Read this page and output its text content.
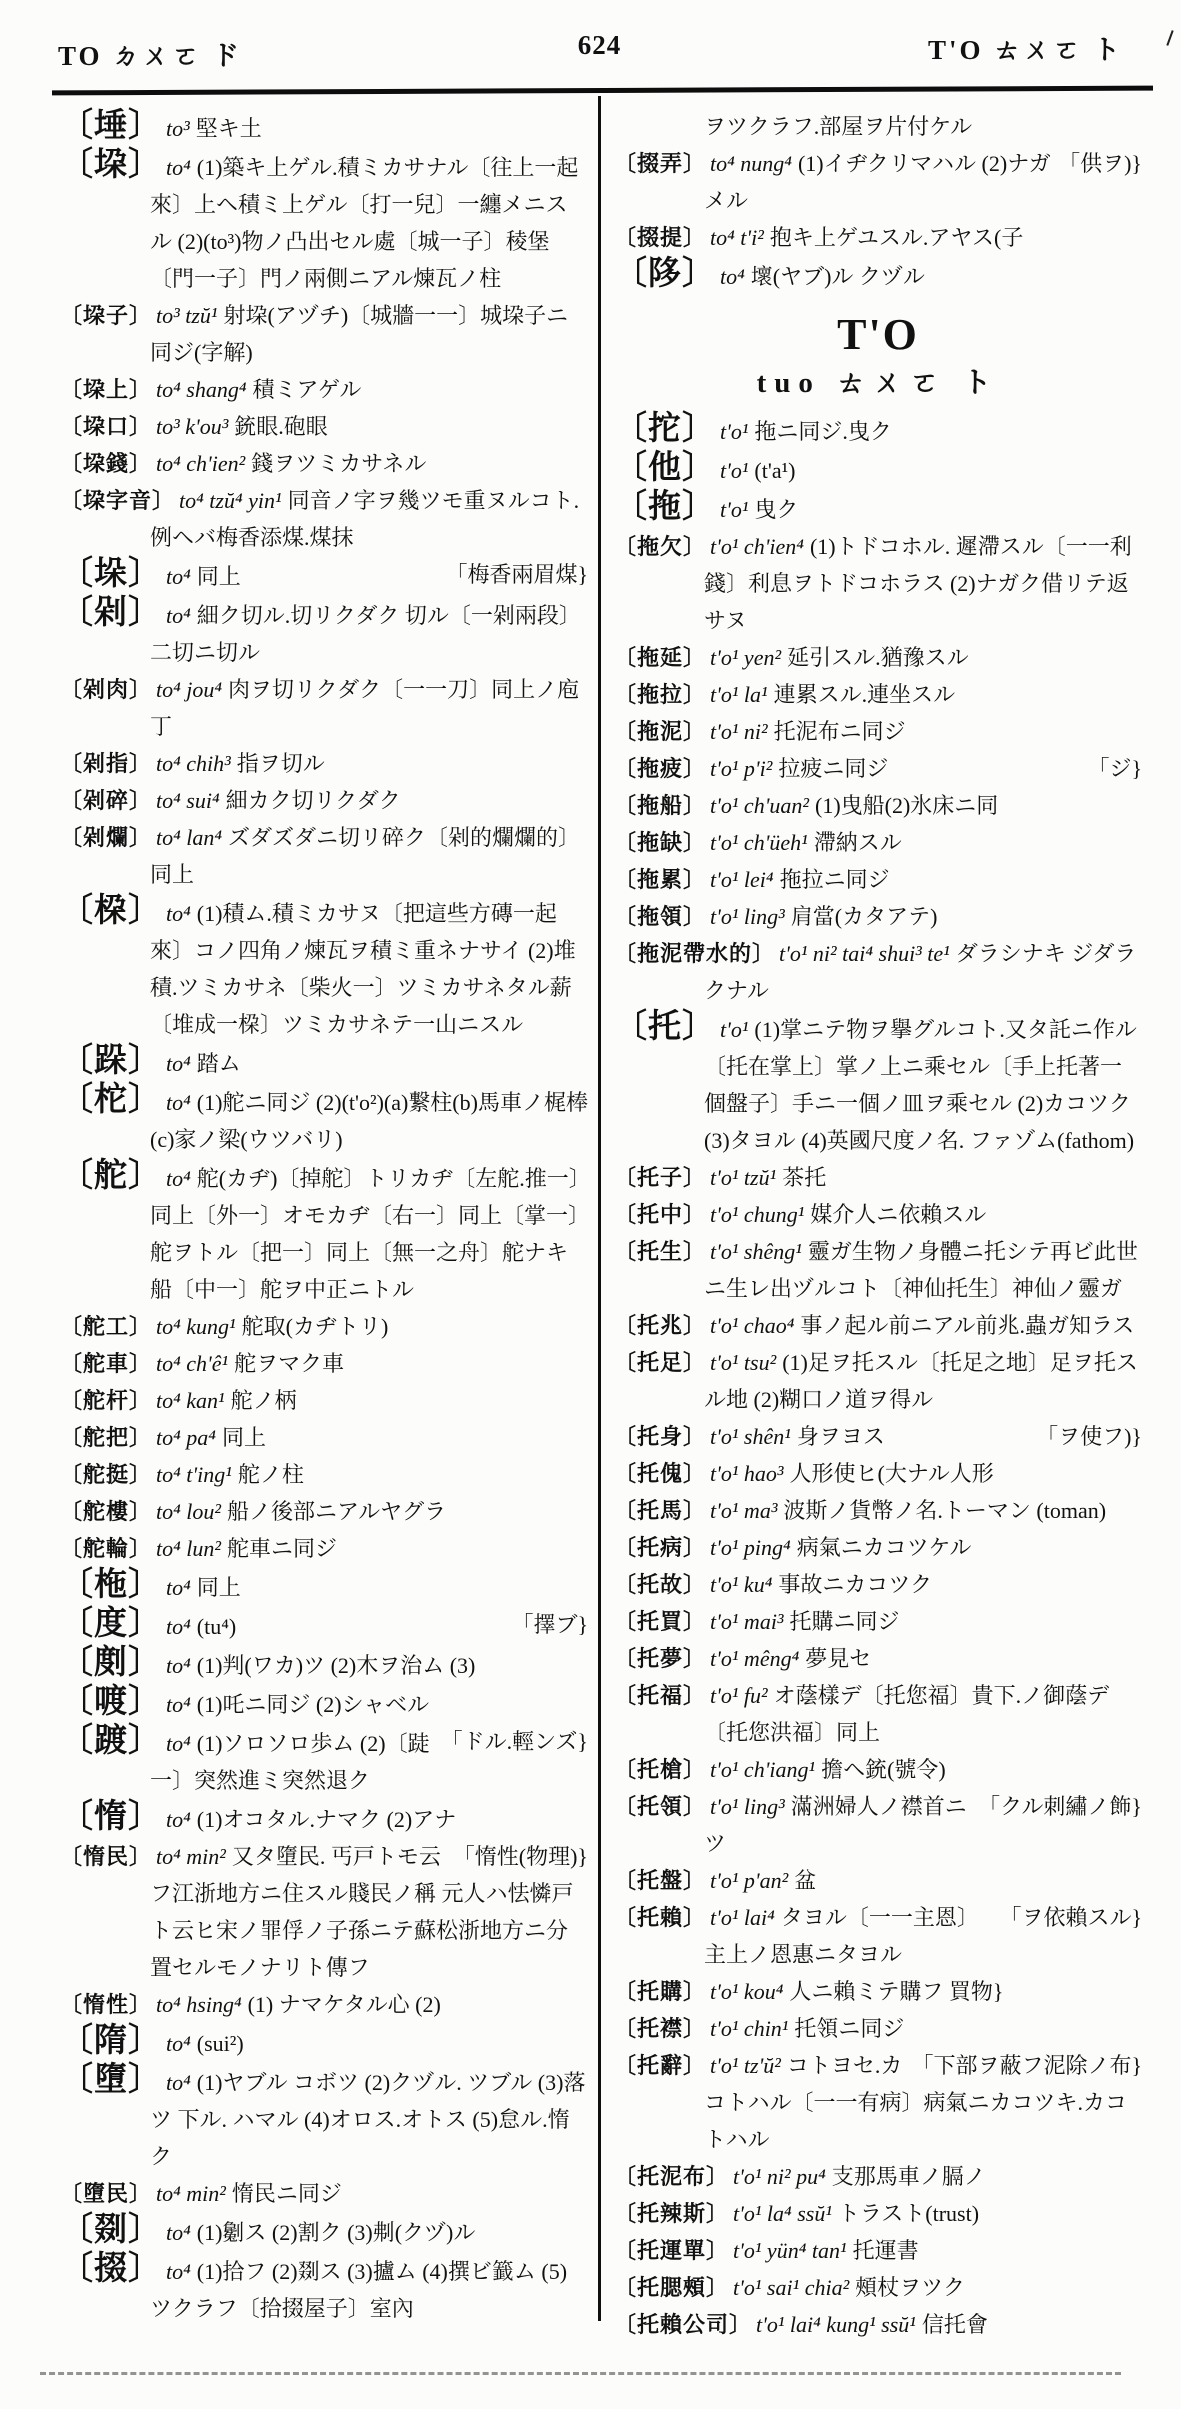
TO ㄉㄨㄛ ド	624	T'O ㄊㄨㄛ ト
〔埵〕 to³ 堅キ土
〔垜〕 to⁴ (1)築キ上ゲル.積ミカサナル〔往上一起來〕上ヘ積ミ上ゲル〔打一兒〕一纏メニスル (2)(to³)物ノ凸出セル處〔城一子〕稜堡〔門一子〕門ノ兩側ニアル煉瓦ノ柱
〔垜子〕 to³ tzŭ¹ 射垜(アヅチ)〔城牆一一〕城垜子ニ同ジ(字解)
〔垜上〕 to⁴ shang⁴ 積ミアゲル
〔垜口〕 to³ k'ou³ 銃眼.砲眼
〔垜錢〕 to⁴ ch'ien² 錢ヲツミカサネル
〔垜字音〕 to⁴ tzŭ⁴ yin¹ 同音ノ字ヲ幾ツモ重ヌルコト.例ヘバ梅香添煤.煤抹
「梅香兩眉煤}
〔垛〕 to⁴ 同上
〔剁〕 to⁴ 細ク切ル.切リクダク 切ル〔一剁兩段〕二切ニ切ル
〔剁肉〕 to⁴ jou⁴ 肉ヲ切リクダク〔一一刀〕同上ノ庖丁
〔剁指〕 to⁴ chih³ 指ヲ切ル
〔剁碎〕 to⁴ sui⁴ 細カク切リクダク
〔剁爛〕 to⁴ lan⁴ ズダズダニ切リ碎ク〔剁的爛爛的〕同上
〔桗〕 to⁴ (1)積ム.積ミカサヌ〔把這些方磚一起來〕コノ四角ノ煉瓦ヲ積ミ重ネナサイ (2)堆積.ツミカサネ〔柴火一〕ツミカサネタル薪〔堆成一桗〕ツミカサネテ一山ニスル
〔跺〕 to⁴ 踏ム
〔柁〕 to⁴ (1)舵ニ同ジ (2)(t'o²)(a)繋柱(b)馬車ノ梶棒 (c)家ノ梁(ウツバリ)
〔舵〕 to⁴ 舵(カヂ)〔掉舵〕トリカヂ〔左舵.推一〕同上〔外一〕オモカヂ〔右一〕同上〔掌一〕舵ヲトル〔把一〕同上〔無一之舟〕舵ナキ船〔中一〕舵ヲ中正ニトル
〔舵工〕 to⁴ kung¹ 舵取(カヂトリ)
〔舵車〕 to⁴ ch'ê¹ 舵ヲマク車
〔舵杆〕 to⁴ kan¹ 舵ノ柄
〔舵把〕 to⁴ pa⁴ 同上
〔舵挺〕 to⁴ t'ing¹ 舵ノ柱
〔舵樓〕 to⁴ lou² 船ノ後部ニアルヤグラ
〔舵輪〕 to⁴ lun² 舵車ニ同ジ
〔柂〕 to⁴ 同上
「擇ブ}
〔度〕 to⁴ (tu⁴)
〔剫〕 to⁴ (1)判(ワカ)ツ (2)木ヲ治ム (3)
〔喥〕 to⁴ (1)吒ニ同ジ (2)シャベル
「ドル.輕ンズ}
〔踱〕 to⁴ (1)ソロソロ歩ム (2)〔跿一〕突然進ミ突然退ク
〔惰〕 to⁴ (1)オコタル.ナマク (2)アナ
「惰性(物理)}
〔惰民〕 to⁴ min² 又タ墮民. 丐戸トモ云フ江浙地方ニ住スル賤民ノ稱 元人ハ怯憐戸ト云ヒ宋ノ罪俘ノ子孫ニテ蘇松浙地方ニ分置セルモノナリト傳フ
〔惰性〕 to⁴ hsing⁴ (1) ナマケタル心 (2)
〔隋〕 to⁴ (sui²)
〔墮〕 to⁴ (1)ヤブル コボツ (2)クヅル. ツブル (3)落ツ 下ル. ハマル (4)オロス.オトス (5)怠ル.惰ク
〔墮民〕 to⁴ min² 惰民ニ同ジ
〔剟〕 to⁴ (1)劖ス (2)割ク (3)刜(クヅ)ル
〔掇〕 to⁴ (1)拾フ (2)剟ス (3)攎ム (4)撰ビ籖ム (5)ツクラフ〔拾掇屋子〕室內
ヲツクラフ.部屋ヲ片付ケル
「供ヲ)}
〔掇弄〕 to⁴ nung⁴ (1)イヂクリマハル (2)ナガメル
〔掇提〕 to⁴ t'i² 抱キ上ゲユスル.アヤス(子
〔陊〕 to⁴ 壞(ヤブ)ル クヅル
T'O
tuo ㄊㄨㄛ ト
〔拕〕 t'o¹ 拖ニ同ジ.曳ク
〔他〕 t'o¹ (t'a¹)
〔拖〕 t'o¹ 曳ク
〔拖欠〕 t'o¹ ch'ien⁴ (1)トドコホル. 遲滯スル〔一一利錢〕利息ヲトドコホラス (2)ナガク借リテ返サヌ
〔拖延〕 t'o¹ yen² 延引スル.猶豫スル
〔拖拉〕 t'o¹ la¹ 連累スル.連坐スル
〔拖泥〕 t'o¹ ni² 托泥布ニ同ジ
「ジ}
〔拖疲〕 t'o¹ p'i² 拉疲ニ同ジ
〔拖船〕 t'o¹ ch'uan² (1)曳船(2)氷床ニ同
〔拖缺〕 t'o¹ ch'üeh¹ 滯納スル
〔拖累〕 t'o¹ lei⁴ 拖拉ニ同ジ
〔拖領〕 t'o¹ ling³ 肩當(カタアテ)
〔拖泥帶水的〕 t'o¹ ni² tai⁴ shui³ te¹ ダラシナキ ジダラクナル
〔托〕 t'o¹ (1)掌ニテ物ヲ擧グルコト.又タ託ニ作ル〔托在掌上〕掌ノ上ニ乘セル〔手上托著一個盤子〕手ニ一個ノ皿ヲ乘セル (2)カコツク (3)タヨル (4)英國尺度ノ名. ファゾム(fathom)
〔托子〕 t'o¹ tzŭ¹ 茶托
〔托中〕 t'o¹ chung¹ 媒介人ニ依賴スル
〔托生〕 t'o¹ shêng¹ 靈ガ生物ノ身體ニ托シテ再ビ此世ニ生レ出ヅルコト〔神仙托生〕神仙ノ靈ガ
〔托兆〕 t'o¹ chao⁴ 事ノ起ル前ニアル前兆.蟲ガ知ラス
〔托足〕 t'o¹ tsu² (1)足ヲ托スル〔托足之地〕足ヲ托スル地 (2)糊口ノ道ヲ得ル
「ヲ使フ)}
〔托身〕 t'o¹ shên¹ 身ヲヨス
〔托傀〕 t'o¹ hao³ 人形使ヒ(大ナル人形
〔托馬〕 t'o¹ ma³ 波斯ノ貨幣ノ名.トーマン (toman)
〔托病〕 t'o¹ ping⁴ 病氣ニカコツケル
〔托故〕 t'o¹ ku⁴ 事故ニカコツク
〔托買〕 t'o¹ mai³ 托購ニ同ジ
〔托夢〕 t'o¹ mêng⁴ 夢見セ
〔托福〕 t'o¹ fu² オ蔭樣デ〔托您福〕貴下.ノ御蔭デ〔托您洪福〕同上
〔托槍〕 t'o¹ ch'iang¹ 擔ヘ銃(號令)
「クル刺繡ノ飾}
〔托領〕 t'o¹ ling³ 滿洲婦人ノ襟首ニツ
〔托盤〕 t'o¹ p'an² 盆
「ヲ依賴スル}
〔托賴〕 t'o¹ lai⁴ タヨル〔一一主恩〕主上ノ恩惠ニタヨル
〔托購〕 t'o¹ kou⁴ 人ニ賴ミテ購フ 買物}
〔托襟〕 t'o¹ chin¹ 托領ニ同ジ
「下部ヲ蔽フ泥除ノ布}
〔托辭〕 t'o¹ tz'ŭ² コトヨセ.カコトハル〔一一有病〕病氣ニカコツキ.カコトハル
〔托泥布〕 t'o¹ ni² pu⁴ 支那馬車ノ膈ノ
〔托辣斯〕 t'o¹ la⁴ ssŭ¹ トラスト(trust)
〔托運單〕 t'o¹ yün⁴ tan¹ 托運書
〔托腮頰〕 t'o¹ sai¹ chia² 頰杖ヲツク
〔托賴公司〕 t'o¹ lai⁴ kung¹ ssŭ¹ 信托會
